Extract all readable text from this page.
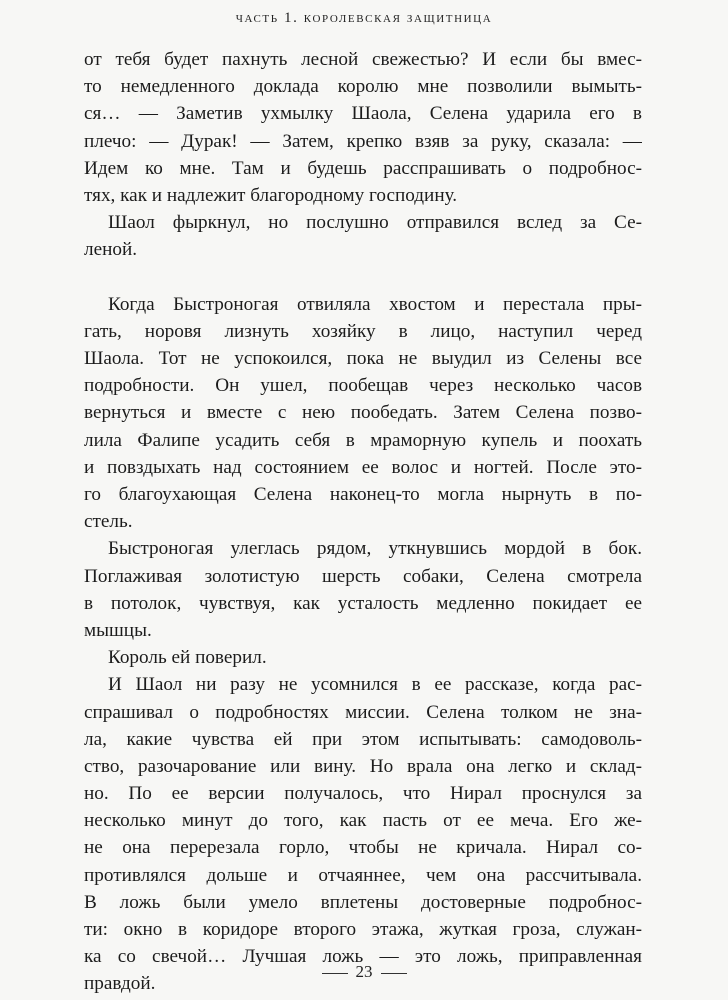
часть 1. королевская защитница
от тебя будет пахнуть лесной свежестью? И если бы вмес-
то немедленного доклада королю мне позволили вымыть-
ся… — Заметив ухмылку Шаола, Селена ударила его в
плечо: — Дурак! — Затем, крепко взяв за руку, сказала: —
Идем ко мне. Там и будешь расспрашивать о подробнос-
тях, как и надлежит благородному господину.
Шаол фыркнул, но послушно отправился вслед за Се-
леной.
Когда Быстроногая отвиляла хвостом и перестала пры-
гать, норовя лизнуть хозяйку в лицо, наступил черед
Шаола. Тот не успокоился, пока не выудил из Селены все
подробности. Он ушел, пообещав через несколько часов
вернуться и вместе с нею пообедать. Затем Селена позво-
лила Фалипе усадить себя в мраморную купель и поохать
и повздыхать над состоянием ее волос и ногтей. После это-
го благоухающая Селена наконец-то могла нырнуть в по-
стель.
Быстроногая улеглась рядом, уткнувшись мордой в бок.
Поглаживая золотистую шерсть собаки, Селена смотрела
в потолок, чувствуя, как усталость медленно покидает ее
мышцы.
Король ей поверил.
И Шаол ни разу не усомнился в ее рассказе, когда рас-
спрашивал о подробностях миссии. Селена толком не зна-
ла, какие чувства ей при этом испытывать: самодоволь-
ство, разочарование или вину. Но врала она легко и склад-
но. По ее версии получалось, что Нирал проснулся за
несколько минут до того, как пасть от ее меча. Его же-
не она перерезала горло, чтобы не кричала. Нирал со-
противлялся дольше и отчаяннее, чем она рассчитывала.
В ложь были умело вплетены достоверные подробнос-
ти: окно в коридоре второго этажа, жуткая гроза, служан-
ка со свечой… Лучшая ложь — это ложь, приправленная
правдой.
23
